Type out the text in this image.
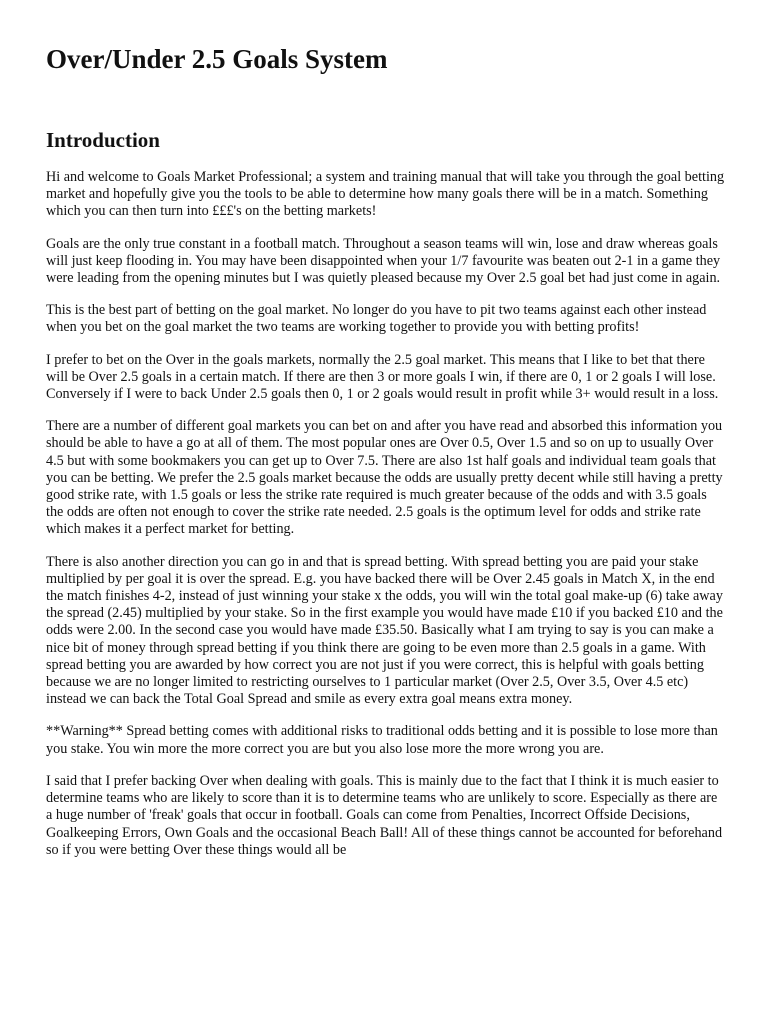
Over/Under 2.5 Goals System
Introduction

Hi and welcome to Goals Market Professional; a system and training manual that will take you through the goal betting market and hopefully give you the tools to be able to determine how many goals there will be in a match. Something which you can then turn into £££'s on the betting markets!

Goals are the only true constant in a football match. Throughout a season teams will win, lose and draw whereas goals will just keep flooding in. You may have been disappointed when your 1/7 favourite was beaten out 2-1 in a game they were leading from the opening minutes but I was quietly pleased because my Over 2.5 goal bet had just come in again.

This is the best part of betting on the goal market. No longer do you have to pit two teams against each other instead when you bet on the goal market the two teams are working together to provide you with betting profits!

I prefer to bet on the Over in the goals markets, normally the 2.5 goal market. This means that I like to bet that there will be Over 2.5 goals in a certain match. If there are then 3 or more goals I win, if there are 0, 1 or 2 goals I will lose. Conversely if I were to back Under 2.5 goals then 0, 1 or 2 goals would result in profit while 3+ would result in a loss.

There are a number of different goal markets you can bet on and after you have read and absorbed this information you should be able to have a go at all of them. The most popular ones are Over 0.5, Over 1.5 and so on up to usually Over 4.5 but with some bookmakers you can get up to Over 7.5. There are also 1st half goals and individual team goals that you can be betting. We prefer the 2.5 goals market because the odds are usually pretty decent while still having a pretty good strike rate, with 1.5 goals or less the strike rate required is much greater because of the odds and with 3.5 goals the odds are often not enough to cover the strike rate needed. 2.5 goals is the optimum level for odds and strike rate which makes it a perfect market for betting.

There is also another direction you can go in and that is spread betting. With spread betting you are paid your stake multiplied by per goal it is over the spread. E.g. you have backed there will be Over 2.45 goals in Match X, in the end the match finishes 4-2, instead of just winning your stake x the odds, you will win the total goal make-up (6) take away the spread (2.45) multiplied by your stake. So in the first example you would have made £10 if you backed £10 and the odds were 2.00. In the second case you would have made £35.50. Basically what I am trying to say is you can make a nice bit of money through spread betting if you think there are going to be even more than 2.5 goals in a game. With spread betting you are awarded by how correct you are not just if you were correct, this is helpful with goals betting because we are no longer limited to restricting ourselves to 1 particular market (Over 2.5, Over 3.5, Over 4.5 etc) instead we can back the Total Goal Spread and smile as every extra goal means extra money.

**Warning** Spread betting comes with additional risks to traditional odds betting and it is possible to lose more than you stake. You win more the more correct you are but you also lose more the more wrong you are.

I said that I prefer backing Over when dealing with goals. This is mainly due to the fact that I think it is much easier to determine teams who are likely to score than it is to determine teams who are unlikely to score. Especially as there are a huge number of 'freak' goals that occur in football. Goals can come from Penalties, Incorrect Offside Decisions, Goalkeeping Errors, Own Goals and the occasional Beach Ball! All of these things cannot be accounted for beforehand so if you were betting Over these things would all be
